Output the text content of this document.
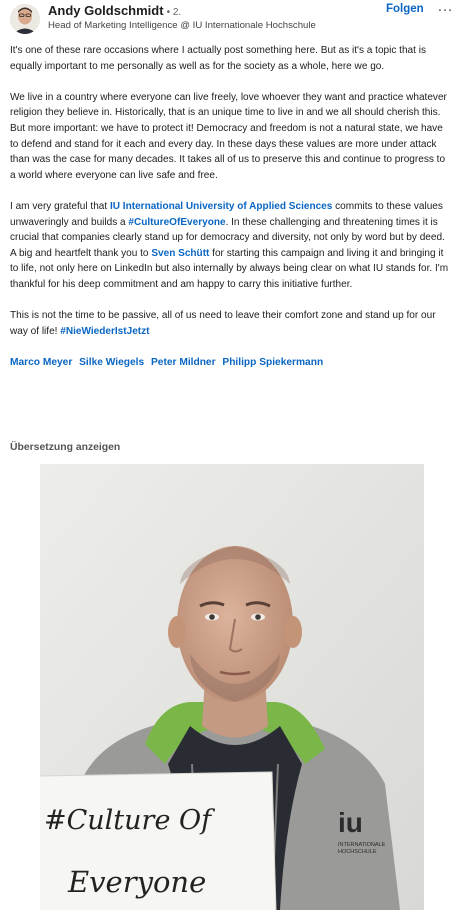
Andy Goldschmidt • 2.
Head of Marketing Intelligence @ IU Internationale Hochschule
Folgen …

It's one of these rare occasions where I actually post something here. But as it's a topic that is equally important to me personally as well as for the society as a whole, here we go.

We live in a country where everyone can live freely, love whoever they want and practice whatever religion they believe in. Historically, that is an unique time to live in and we all should cherish this. But more important: we have to protect it! Democracy and freedom is not a natural state, we have to defend and stand for it each and every day. In these days these values are more under attack than was the case for many decades. It takes all of us to preserve this and continue to progress to a world where everyone can live safe and free.

I am very grateful that IU International University of Applied Sciences commits to these values unwaveringly and builds a #CultureOfEveryone. In these challenging and threatening times it is crucial that companies clearly stand up for democracy and diversity, not only by word but by deed. A big and heartfelt thank you to Sven Schütt for starting this campaign and living it and bringing it to life, not only here on LinkedIn but also internally by always being clear on what IU stands for. I'm thankful for his deep commitment and am happy to carry this initiative further.

This is not the time to be passive, all of us need to leave their comfort zone and stand up for our way of life! #NieWiederIstJetzt

Marco Meyer Silke Wiegels Peter Mildner Philipp Spiekermann
Übersetzung anzeigen
iu
INTERNATIONALE
HOCHSCHULE
#Culture Of
Everyone
